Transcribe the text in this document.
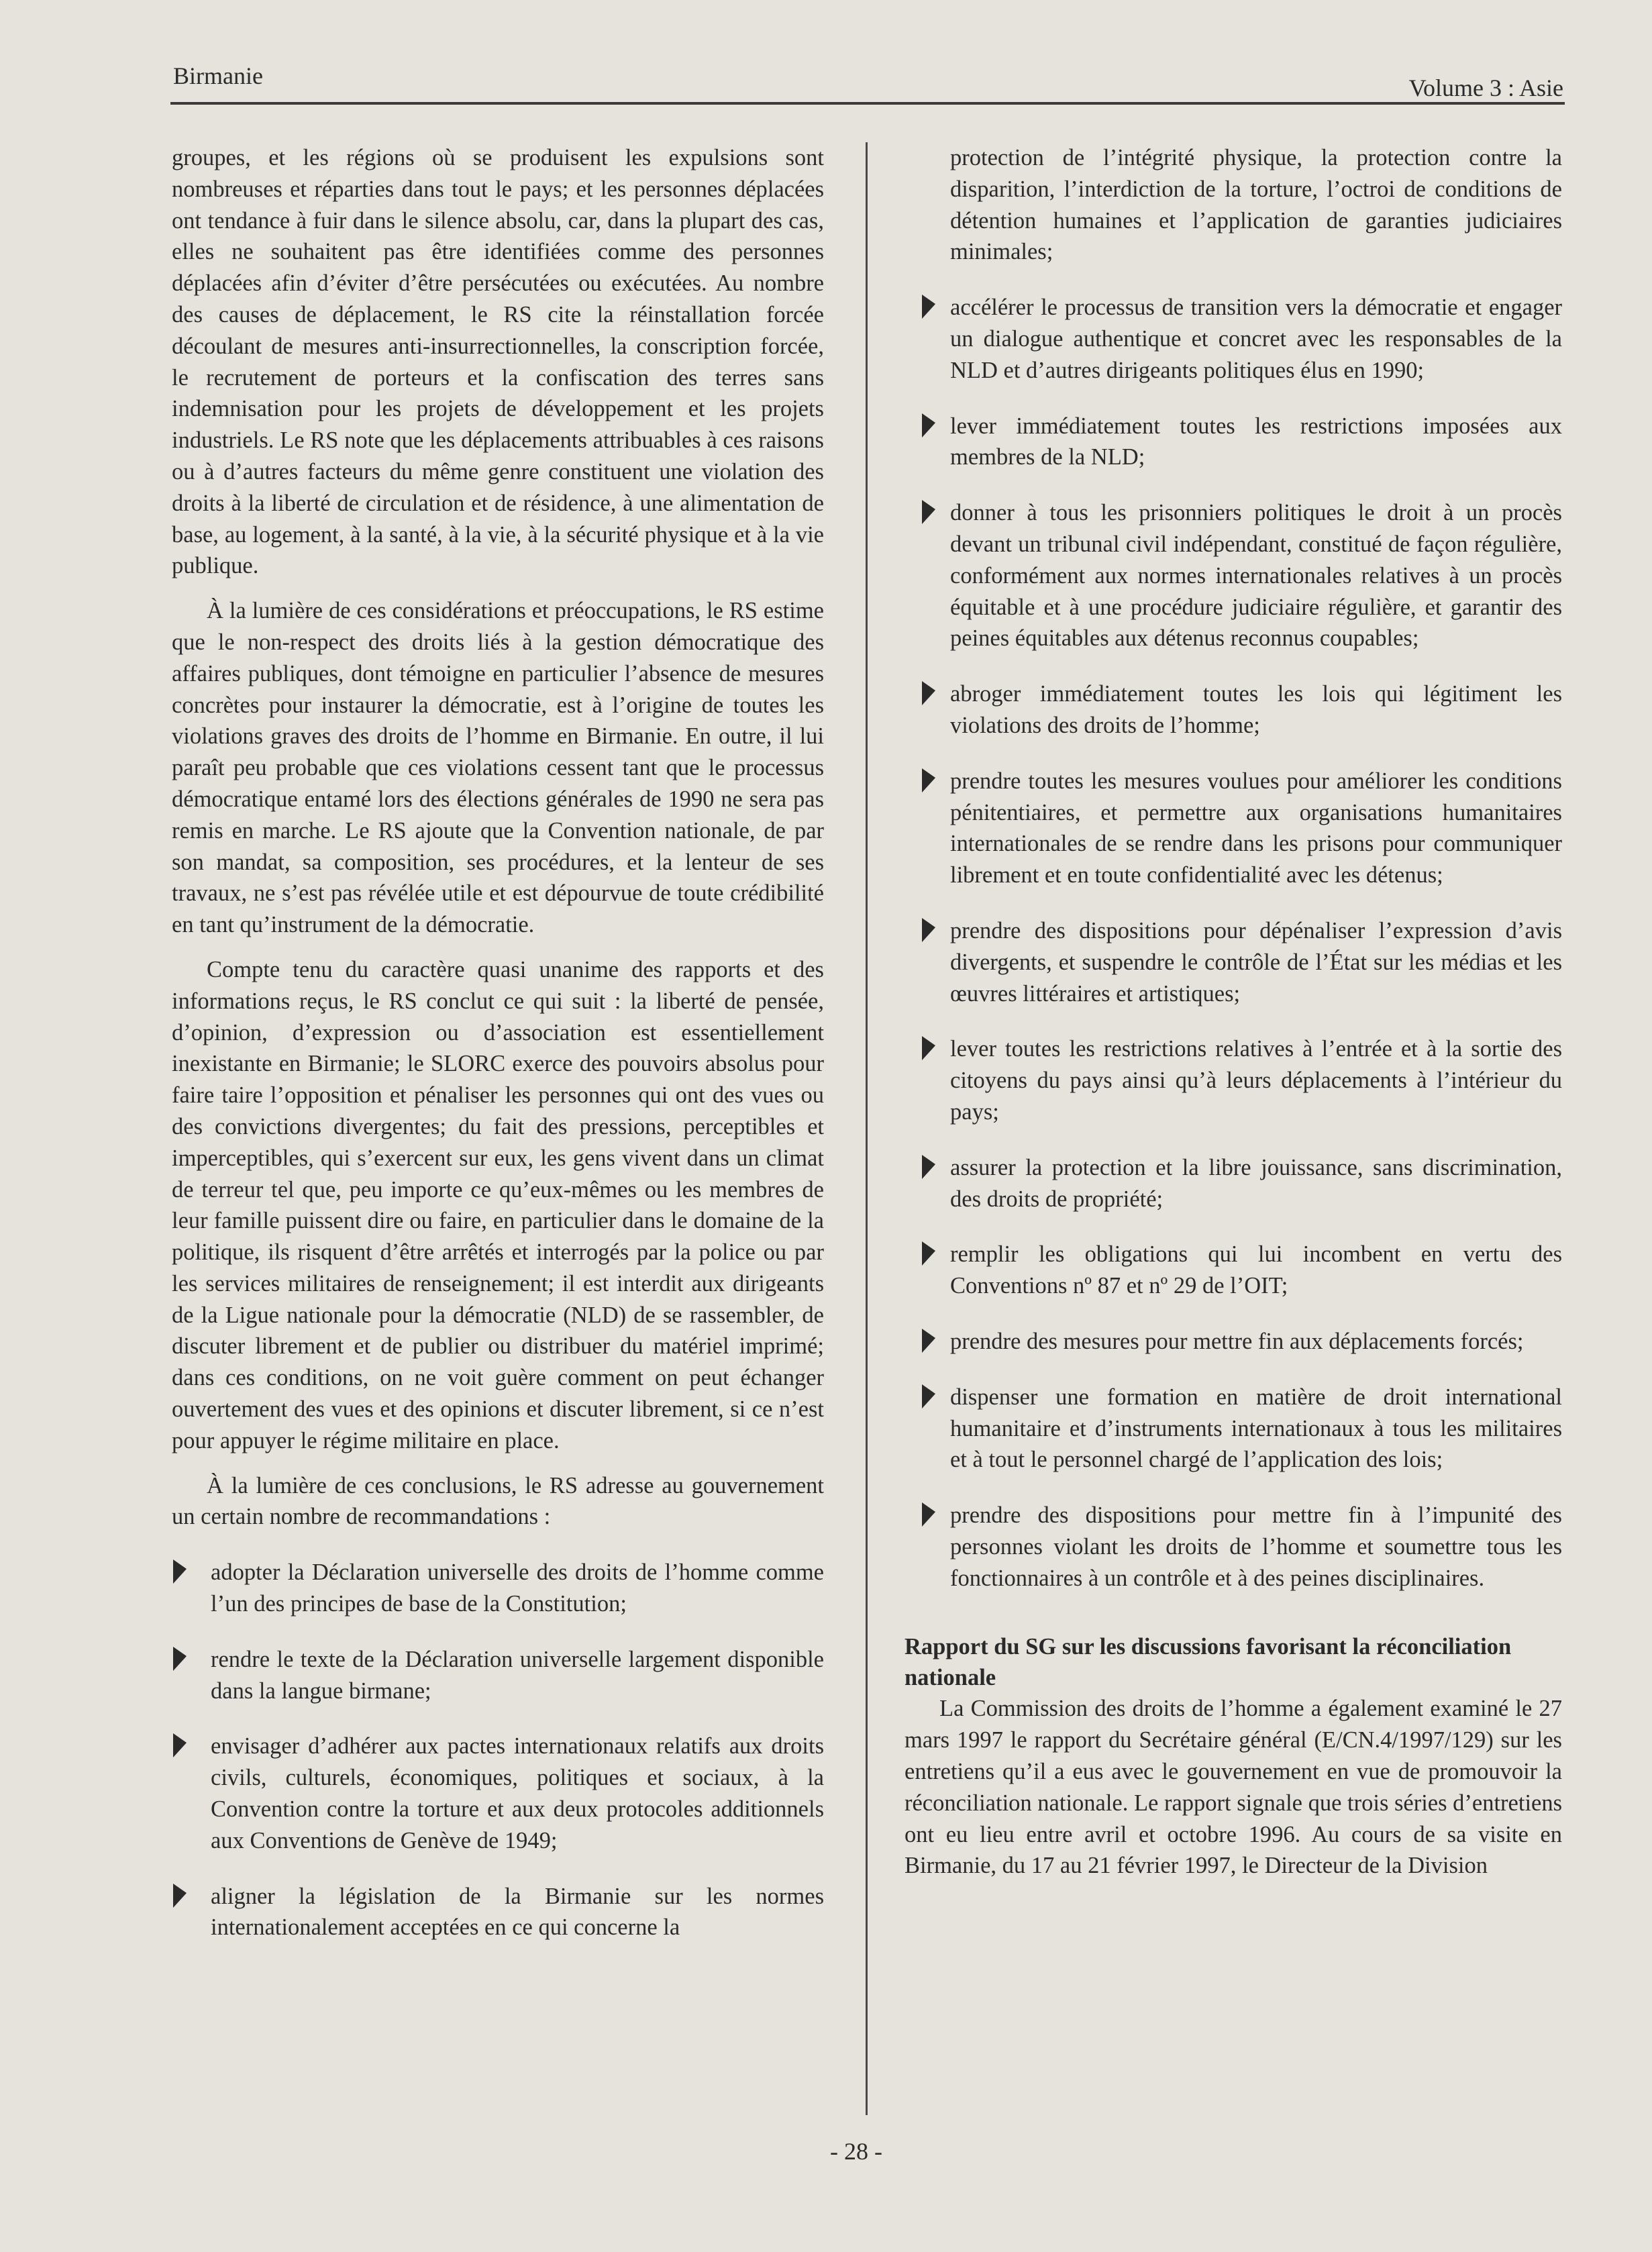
Birmanie	Volume 3 : Asie

groupes, et les régions où se produisent les expulsions sont nombreuses et réparties dans tout le pays; et les personnes déplacées ont tendance à fuir dans le silence absolu, car, dans la plupart des cas, elles ne souhaitent pas être identifiées comme des personnes déplacées afin d’éviter d’être persécutées ou exécutées. Au nombre des causes de déplacement, le RS cite la réinstallation forcée découlant de mesures anti-insurrectionnelles, la conscription forcée, le recrutement de porteurs et la confiscation des terres sans indemnisation pour les projets de développement et les projets industriels. Le RS note que les déplacements attribuables à ces raisons ou à d’autres facteurs du même genre constituent une violation des droits à la liberté de circulation et de résidence, à une alimentation de base, au logement, à la santé, à la vie, à la sécurité physique et à la vie publique.

À la lumière de ces considérations et préoccupations, le RS estime que le non-respect des droits liés à la gestion démocratique des affaires publiques, dont témoigne en particulier l’absence de mesures concrètes pour instaurer la démocratie, est à l’origine de toutes les violations graves des droits de l’homme en Birmanie. En outre, il lui paraît peu probable que ces violations cessent tant que le processus démocratique entamé lors des élections générales de 1990 ne sera pas remis en marche. Le RS ajoute que la Convention nationale, de par son mandat, sa composition, ses procédures, et la lenteur de ses travaux, ne s’est pas révélée utile et est dépourvue de toute crédibilité en tant qu’instrument de la démocratie.

Compte tenu du caractère quasi unanime des rapports et des informations reçus, le RS conclut ce qui suit : la liberté de pensée, d’opinion, d’expression ou d’association est essentiellement inexistante en Birmanie; le SLORC exerce des pouvoirs absolus pour faire taire l’opposition et pénaliser les personnes qui ont des vues ou des convictions divergentes; du fait des pressions, perceptibles et imperceptibles, qui s’exercent sur eux, les gens vivent dans un climat de terreur tel que, peu importe ce qu’eux-mêmes ou les membres de leur famille puissent dire ou faire, en particulier dans le domaine de la politique, ils risquent d’être arrêtés et interrogés par la police ou par les services militaires de renseignement; il est interdit aux dirigeants de la Ligue nationale pour la démocratie (NLD) de se rassembler, de discuter librement et de publier ou distribuer du matériel imprimé; dans ces conditions, on ne voit guère comment on peut échanger ouvertement des vues et des opinions et discuter librement, si ce n’est pour appuyer le régime militaire en place.

À la lumière de ces conclusions, le RS adresse au gouvernement un certain nombre de recommandations :

adopter la Déclaration universelle des droits de l’homme comme l’un des principes de base de la Constitution;
rendre le texte de la Déclaration universelle largement disponible dans la langue birmane;
envisager d’adhérer aux pactes internationaux relatifs aux droits civils, culturels, économiques, politiques et sociaux, à la Convention contre la torture et aux deux protocoles additionnels aux Conventions de Genève de 1949;
aligner la législation de la Birmanie sur les normes internationalement acceptées en ce qui concerne la

protection de l’intégrité physique, la protection contre la disparition, l’interdiction de la torture, l’octroi de conditions de détention humaines et l’application de garanties judiciaires minimales;

accélérer le processus de transition vers la démocratie et engager un dialogue authentique et concret avec les responsables de la NLD et d’autres dirigeants politiques élus en 1990;
lever immédiatement toutes les restrictions imposées aux membres de la NLD;
donner à tous les prisonniers politiques le droit à un procès devant un tribunal civil indépendant, constitué de façon régulière, conformément aux normes internationales relatives à un procès équitable et à une procédure judiciaire régulière, et garantir des peines équitables aux détenus reconnus coupables;
abroger immédiatement toutes les lois qui légitiment les violations des droits de l’homme;
prendre toutes les mesures voulues pour améliorer les conditions pénitentiaires, et permettre aux organisations humanitaires internationales de se rendre dans les prisons pour communiquer librement et en toute confidentialité avec les détenus;
prendre des dispositions pour dépénaliser l’expression d’avis divergents, et suspendre le contrôle de l’État sur les médias et les œuvres littéraires et artistiques;
lever toutes les restrictions relatives à l’entrée et à la sortie des citoyens du pays ainsi qu’à leurs déplacements à l’intérieur du pays;
assurer la protection et la libre jouissance, sans discrimination, des droits de propriété;
remplir les obligations qui lui incombent en vertu des Conventions nº 87 et nº 29 de l’OIT;
prendre des mesures pour mettre fin aux déplacements forcés;
dispenser une formation en matière de droit international humanitaire et d’instruments internationaux à tous les militaires et à tout le personnel chargé de l’application des lois;
prendre des dispositions pour mettre fin à l’impunité des personnes violant les droits de l’homme et soumettre tous les fonctionnaires à un contrôle et à des peines disciplinaires.

Rapport du SG sur les discussions favorisant la réconciliation nationale

La Commission des droits de l’homme a également examiné le 27 mars 1997 le rapport du Secrétaire général (E/CN.4/1997/129) sur les entretiens qu’il a eus avec le gouvernement en vue de promouvoir la réconciliation nationale. Le rapport signale que trois séries d’entretiens ont eu lieu entre avril et octobre 1996. Au cours de sa visite en Birmanie, du 17 au 21 février 1997, le Directeur de la Division

- 28 -
